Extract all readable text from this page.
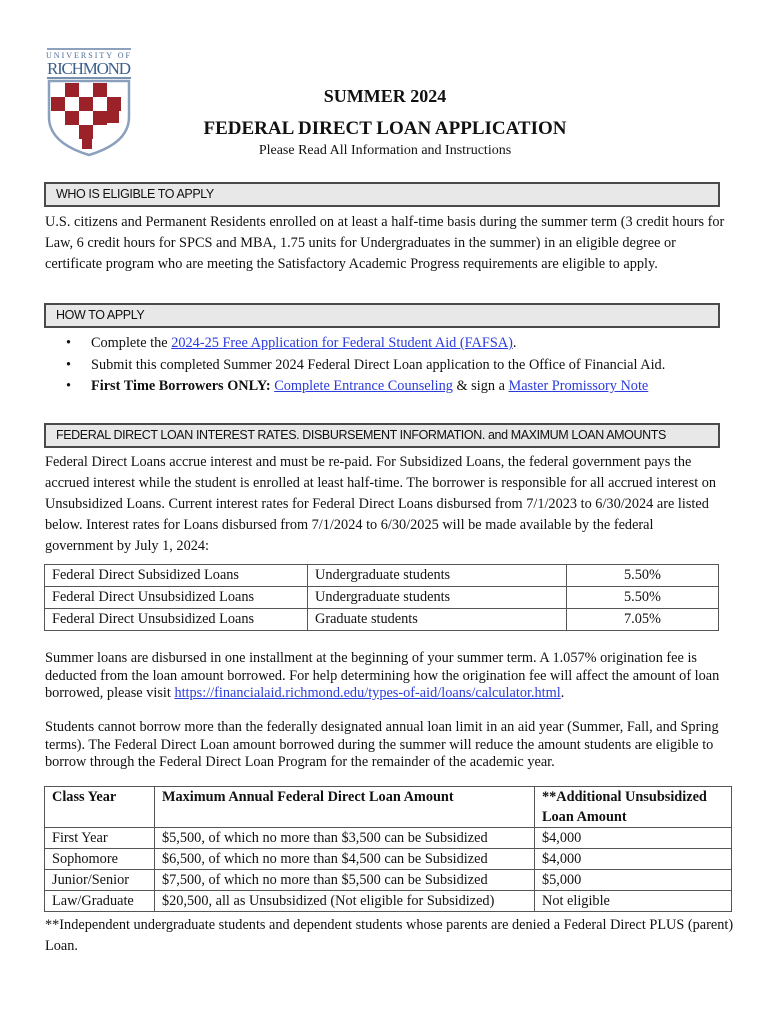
UNIVERSITY OF
RICHMOND
SUMMER 2024
FEDERAL DIRECT LOAN APPLICATION
Please Read All Information and Instructions
WHO IS ELIGIBLE TO APPLY
U.S. citizens and Permanent Residents enrolled on at least a half-time basis during the summer term (3 credit hours for Law, 6 credit hours for SPCS and MBA, 1.75 units for Undergraduates in the summer) in an eligible degree or certificate program who are meeting the Satisfactory Academic Progress requirements are eligible to apply.
HOW TO APPLY
• Complete the 2024-25 Free Application for Federal Student Aid (FAFSA).
• Submit this completed Summer 2024 Federal Direct Loan application to the Office of Financial Aid.
• First Time Borrowers ONLY: Complete Entrance Counseling & sign a Master Promissory Note
FEDERAL DIRECT LOAN INTEREST RATES. DISBURSEMENT INFORMATION. and MAXIMUM LOAN AMOUNTS
Federal Direct Loans accrue interest and must be re-paid. For Subsidized Loans, the federal government pays the accrued interest while the student is enrolled at least half-time. The borrower is responsible for all accrued interest on Unsubsidized Loans. Current interest rates for Federal Direct Loans disbursed from 7/1/2023 to 6/30/2024 are listed below. Interest rates for Loans disbursed from 7/1/2024 to 6/30/2025 will be made available by the federal government by July 1, 2024:
Federal Direct Subsidized Loans	Undergraduate students	5.50%
Federal Direct Unsubsidized Loans	Undergraduate students	5.50%
Federal Direct Unsubsidized Loans	Graduate students	7.05%
Summer loans are disbursed in one installment at the beginning of your summer term. A 1.057% origination fee is deducted from the loan amount borrowed. For help determining how the origination fee will affect the amount of loan borrowed, please visit https://financialaid.richmond.edu/types-of-aid/loans/calculator.html.
Students cannot borrow more than the federally designated annual loan limit in an aid year (Summer, Fall, and Spring terms). The Federal Direct Loan amount borrowed during the summer will reduce the amount students are eligible to borrow through the Federal Direct Loan Program for the remainder of the academic year.
Class Year	Maximum Annual Federal Direct Loan Amount	**Additional Unsubsidized Loan Amount
First Year	$5,500, of which no more than $3,500 can be Subsidized	$4,000
Sophomore	$6,500, of which no more than $4,500 can be Subsidized	$4,000
Junior/Senior	$7,500, of which no more than $5,500 can be Subsidized	$5,000
Law/Graduate	$20,500, all as Unsubsidized (Not eligible for Subsidized)	Not eligible
**Independent undergraduate students and dependent students whose parents are denied a Federal Direct PLUS (parent) Loan.
